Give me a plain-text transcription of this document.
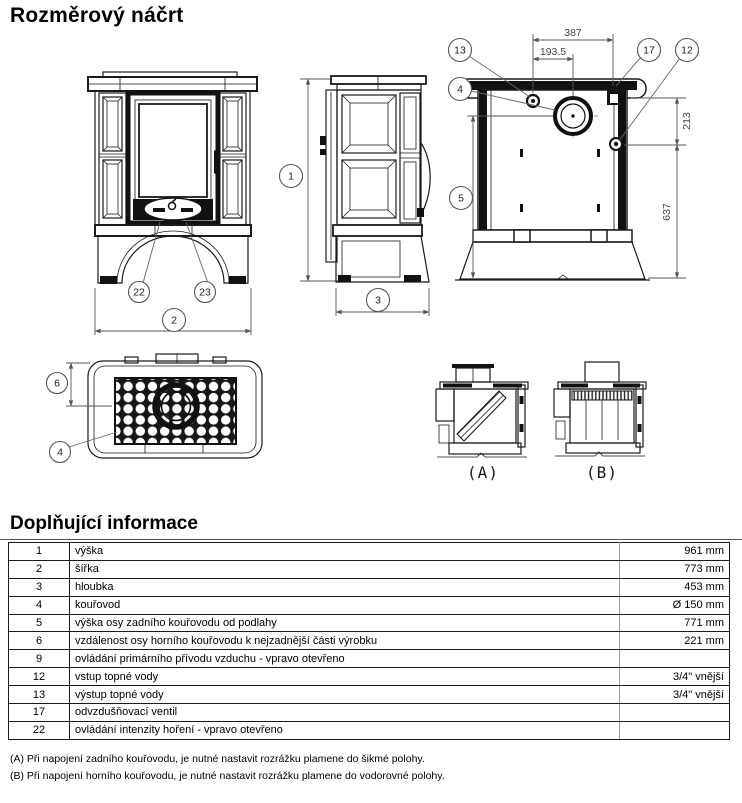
Rozměrový náčrt
22	23
2
1
3
387
193.5
213
637
13
4
17	12
5
6
4
(A)	(B)
Doplňující informace
1	výška	961 mm
2	šířka	773 mm
3	hloubka	453 mm
4	kouřovod	Ø 150 mm
5	výška osy zadního kouřovodu od podlahy	771 mm
6	vzdálenost osy horního kouřovodu k nejzadnější části výrobku	221 mm
9	ovládání primárního přívodu vzduchu - vpravo otevřeno	
12	vstup topné vody	3/4" vnější
13	výstup topné vody	3/4" vnější
17	odvzdušňovací ventil	
22	ovládání intenzity hoření - vpravo otevřeno	
(A) Při napojení zadního kouřovodu, je nutné nastavit rozrážku plamene do šikmé polohy.
(B) Při napojení horního kouřovodu, je nutné nastavit rozrážku plamene do vodorovné polohy.
